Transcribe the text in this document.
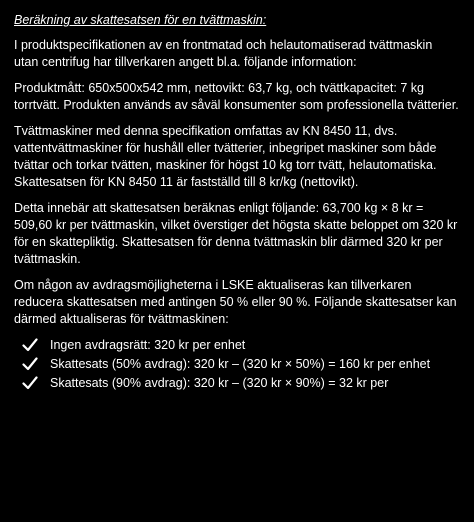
Beräkning av skattesatsen för en tvättmaskin:

I produktspecifikationen av en frontmatad och helautomatiserad tvättmaskin utan centrifug har tillverkaren angett bl.a. följande information:

Produktmått: 650x500x542 mm, nettovikt: 63,7 kg, och tvättkapacitet: 7 kg torrtvätt. Produkten används av såväl konsumenter som professionella tvätterier.

Tvättmaskiner med denna specifikation omfattas av KN 8450 11, dvs. vattentvättmaskiner för hushåll eller tvätterier, inbegripet maskiner som både tvättar och torkar tvätten, maskiner för högst 10 kg torr tvätt, helautomatiska. Skattesatsen för KN 8450 11 är fastställd till 8 kr/kg (nettovikt).

Detta innebär att skattesatsen beräknas enligt följande: 63,700 kg × 8 kr = 509,60 kr per tvättmaskin, vilket överstiger det högsta skatte beloppet om 320 kr för en skattepliktig. Skattesatsen för denna tvättmaskin blir därmed 320 kr per tvättmaskin.

Om någon av avdragsmöjligheterna i LSKE aktualiseras kan tillverkaren reducera skattesatsen med antingen 50 % eller 90 %. Följande skattesatser kan därmed aktualiseras för tvättmaskinen:

Ingen avdragsrätt: 320 kr per enhet
Skattesats (50% avdrag): 320 kr – (320 kr × 50%) = 160 kr per enhet
Skattesats (90% avdrag): 320 kr – (320 kr × 90%) = 32 kr per
